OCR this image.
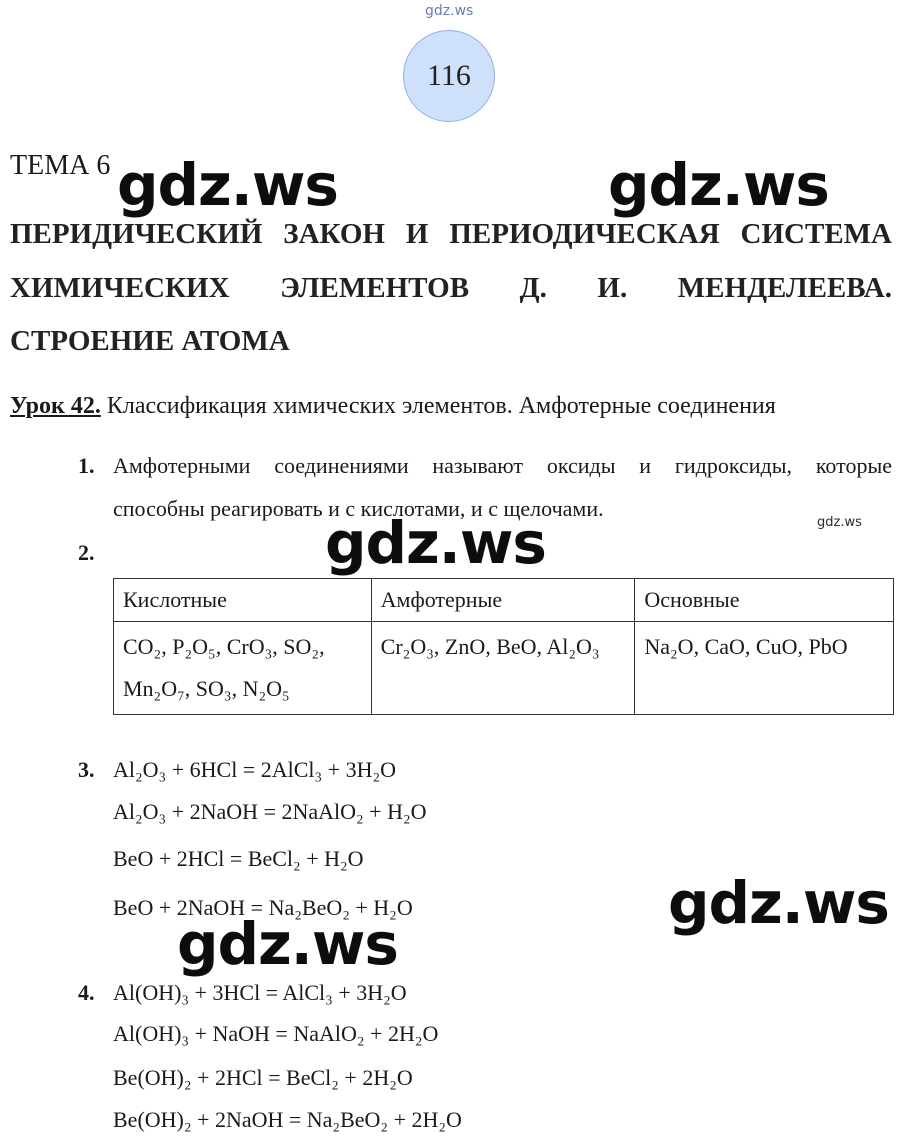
gdz.ws
gdz.ws
116
ТЕМА 6
ПЕРИДИЧЕСКИЙ ЗАКОН И ПЕРИОДИЧЕСКАЯ СИСТЕМА
ХИМИЧЕСКИХ ЭЛЕМЕНТОВ Д. И. МЕНДЕЛЕЕВА.
СТРОЕНИЕ АТОМА
Урок 42. Классификация химических элементов. Амфотерные соединения
1. Амфотерными соединениями называют оксиды и гидроксиды, которые
способны реагировать и с кислотами, и с щелочами.
2.
Кислотные	Амфотерные	Основные
CO₂, P₂O₅, CrO₃, SO₂,
Mn₂O₇, SO₃, N₂O₅	Cr₂O₃, ZnO, BeO, Al₂O₃	Na₂O, CaO, CuO, PbO
3. Al₂O₃ + 6HCl = 2AlCl₃ + 3H₂O
Al₂O₃ + 2NaOH = 2NaAlO₂ + H₂O
BeO + 2HCl = BeCl₂ + H₂O
BeO + 2NaOH = Na₂BeO₂ + H₂O
4. Al(OH)₃ + 3HCl = AlCl₃ + 3H₂O
Al(OH)₃ + NaOH = NaAlO₂ + 2H₂O
Be(OH)₂ + 2HCl = BeCl₂ + 2H₂O
Be(OH)₂ + 2NaOH = Na₂BeO₂ + 2H₂O
gdz.ws	gdz.ws
gdz.ws
gdz.ws
gdz.ws
